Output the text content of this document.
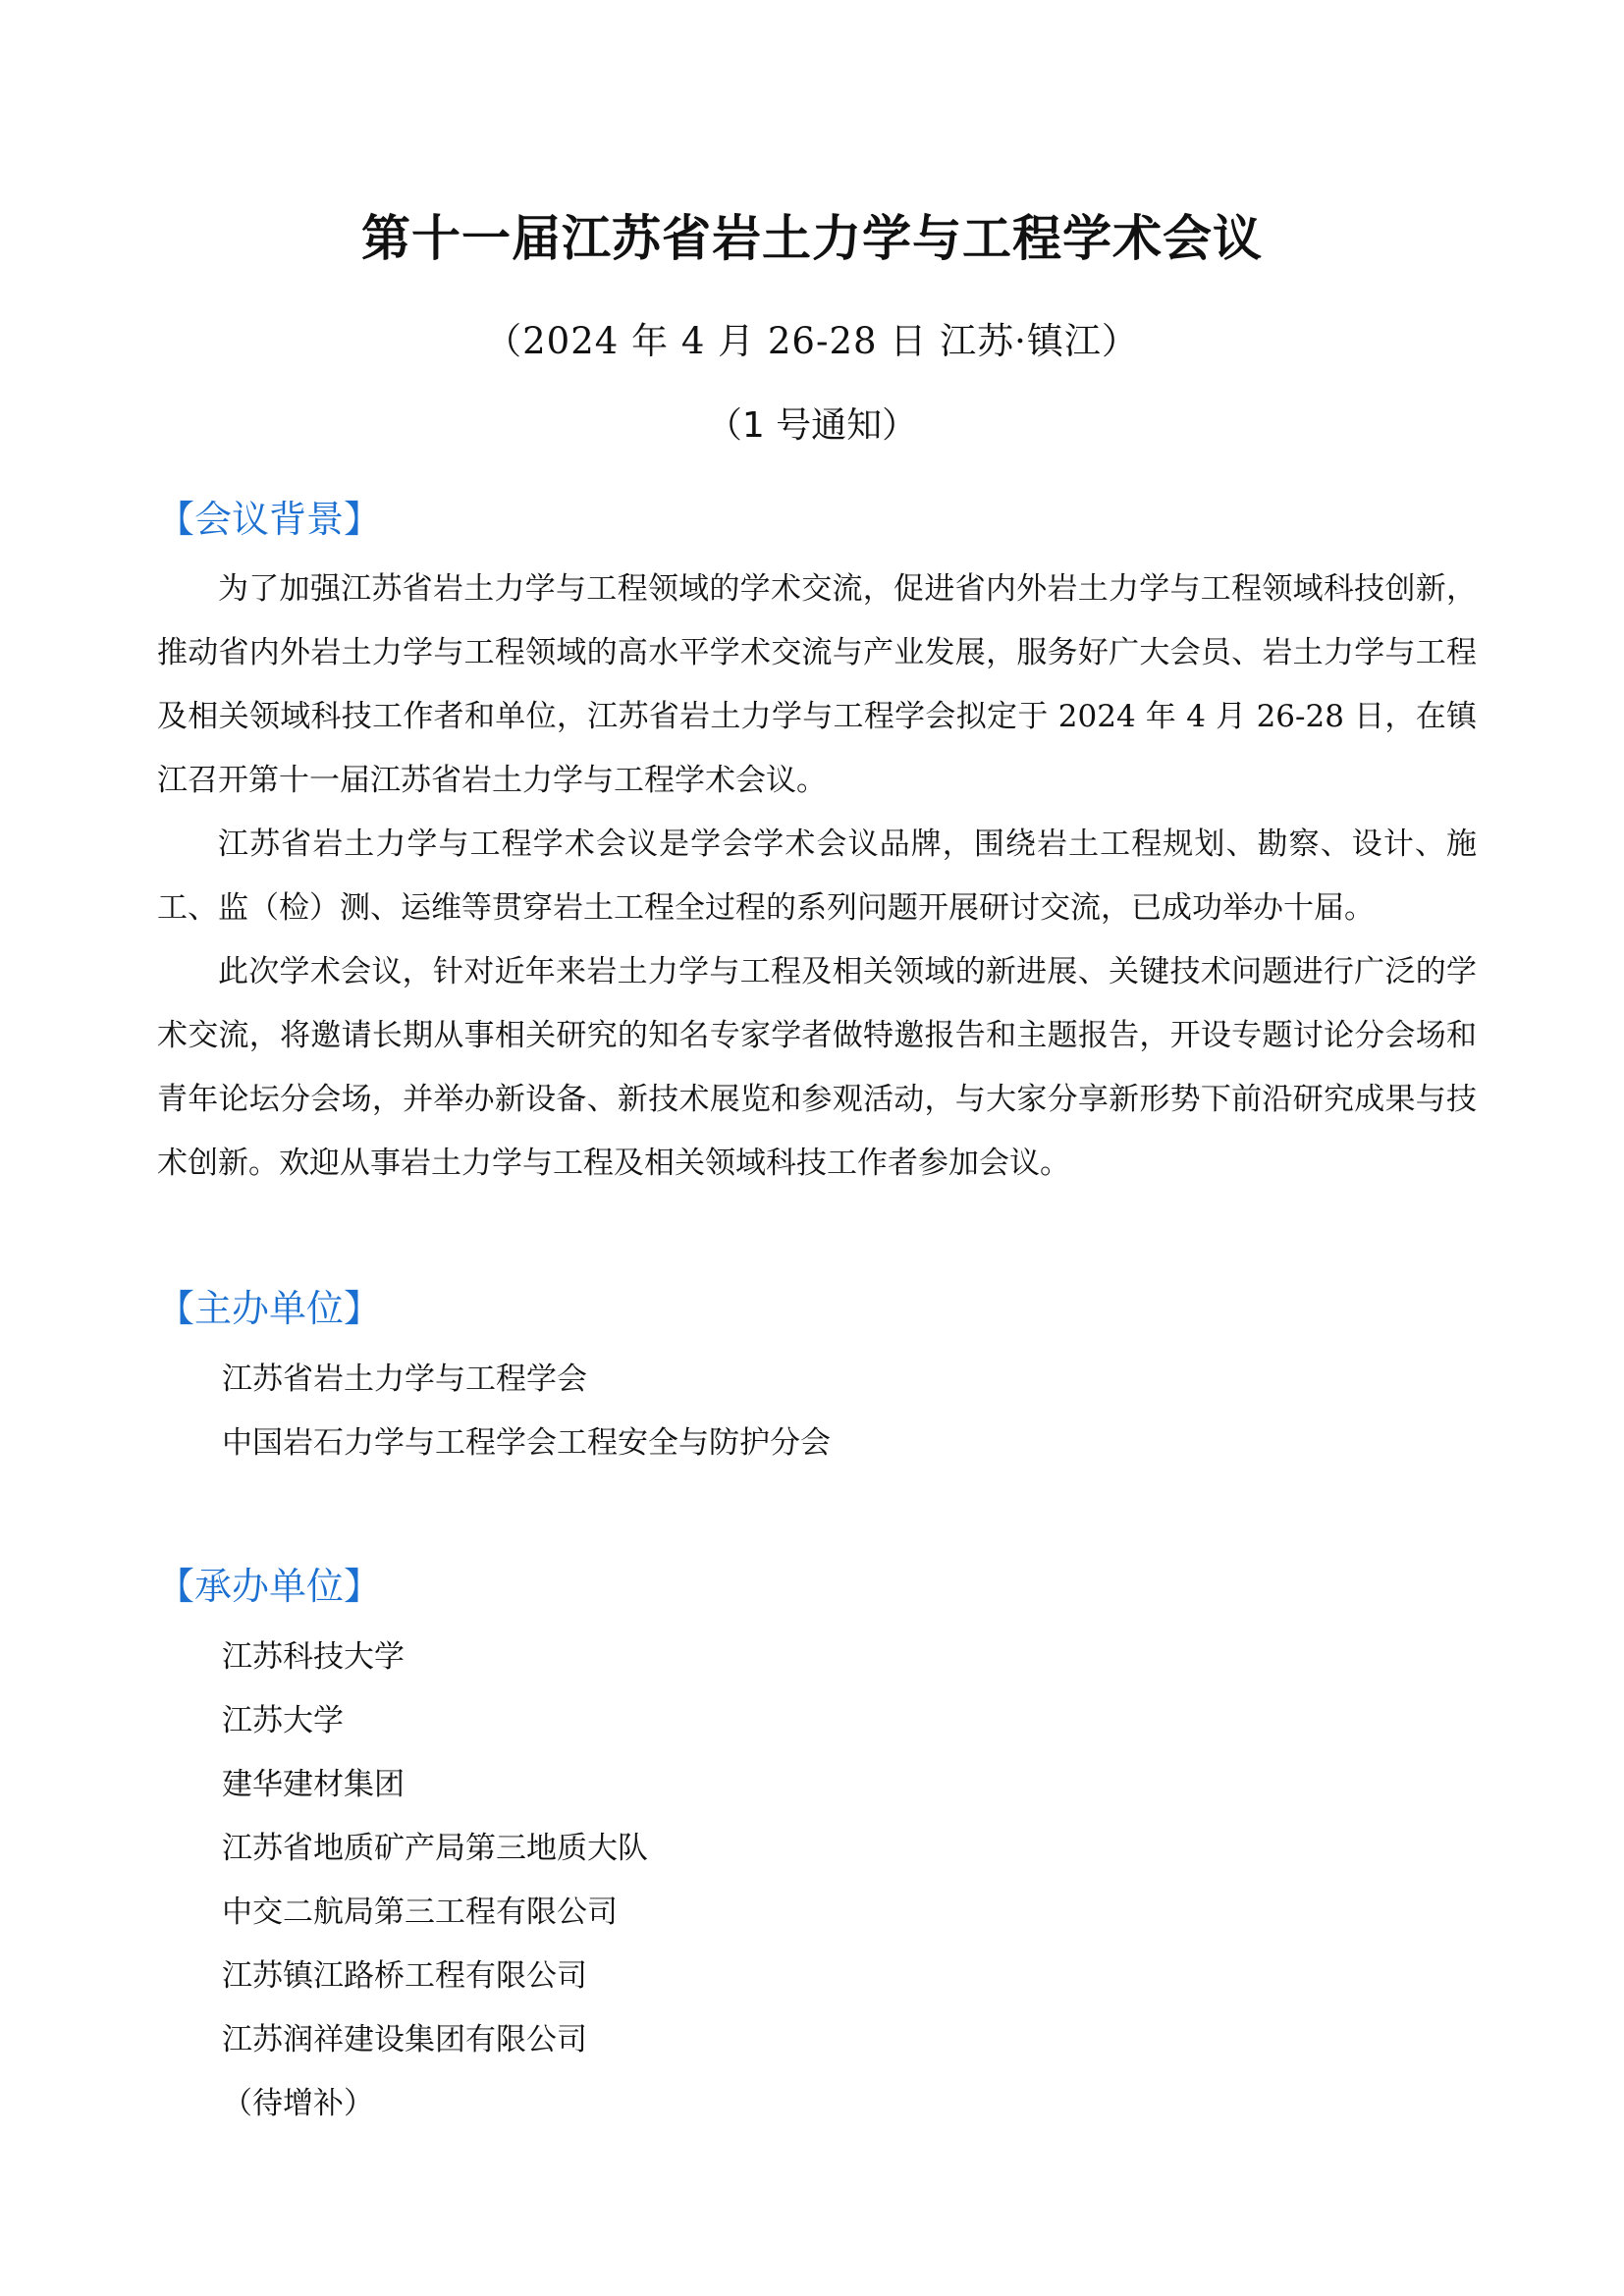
第十一届江苏省岩土力学与工程学术会议
（2024 年 4 月 26-28 日 江苏·镇江）
（1 号通知）
【会议背景】

为了加强江苏省岩土力学与工程领域的学术交流，促进省内外岩土力学与工程领域科技创新，推动省内外岩土力学与工程领域的高水平学术交流与产业发展，服务好广大会员、岩土力学与工程及相关领域科技工作者和单位，江苏省岩土力学与工程学会拟定于 2024 年 4 月 26-28 日，在镇江召开第十一届江苏省岩土力学与工程学术会议。

江苏省岩土力学与工程学术会议是学会学术会议品牌，围绕岩土工程规划、勘察、设计、施工、监（检）测、运维等贯穿岩土工程全过程的系列问题开展研讨交流，已成功举办十届。

此次学术会议，针对近年来岩土力学与工程及相关领域的新进展、关键技术问题进行广泛的学术交流，将邀请长期从事相关研究的知名专家学者做特邀报告和主题报告，开设专题讨论分会场和青年论坛分会场，并举办新设备、新技术展览和参观活动，与大家分享新形势下前沿研究成果与技术创新。欢迎从事岩土力学与工程及相关领域科技工作者参加会议。

【主办单位】
江苏省岩土力学与工程学会
中国岩石力学与工程学会工程安全与防护分会
【承办单位】
江苏科技大学
江苏大学
建华建材集团
江苏省地质矿产局第三地质大队
中交二航局第三工程有限公司
江苏镇江路桥工程有限公司
江苏润祥建设集团有限公司
（待增补）
